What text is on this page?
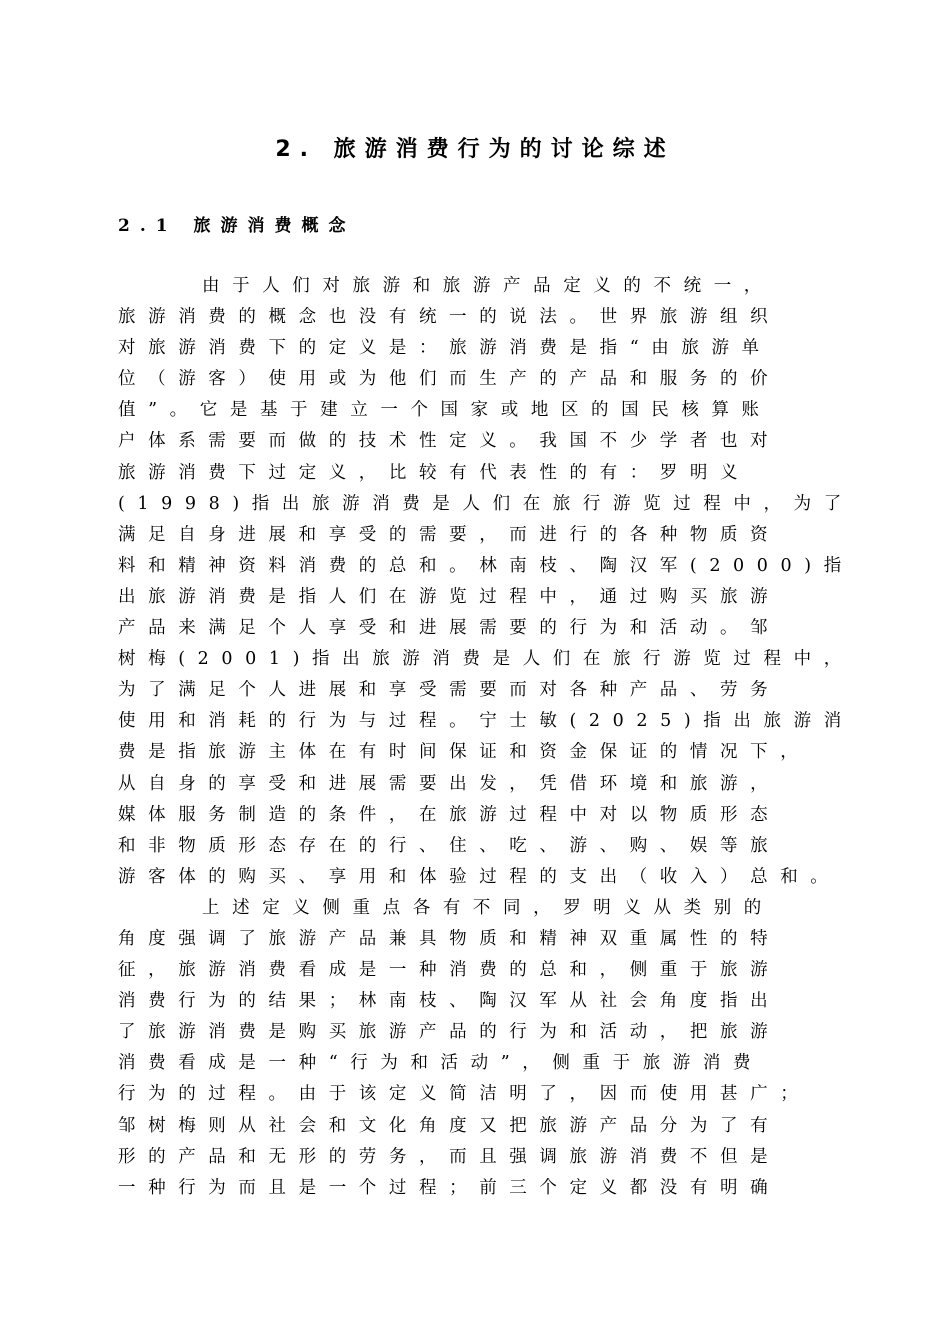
2. 旅游消费行为的讨论综述
2.1 旅游消费概念
由于人们对旅游和旅游产品定义的不统一，
旅游消费的概念也没有统一的说法。世界旅游组织
对旅游消费下的定义是：旅游消费是指“由旅游单
位（游客）使用或为他们而生产的产品和服务的价
值”。它是基于建立一个国家或地区的国民核算账
户体系需要而做的技术性定义。我国不少学者也对
旅游消费下过定义，比较有代表性的有：罗明义
(1998)指出旅游消费是人们在旅行游览过程中，为了
满足自身进展和享受的需要，而进行的各种物质资
料和精神资料消费的总和。林南枝、陶汉军(2000)指
出旅游消费是指人们在游览过程中，通过购买旅游
产品来满足个人享受和进展需要的行为和活动。邹
树梅(2001)指出旅游消费是人们在旅行游览过程中，
为了满足个人进展和享受需要而对各种产品、劳务
使用和消耗的行为与过程。宁士敏(2025)指出旅游消
费是指旅游主体在有时间保证和资金保证的情况下，
从自身的享受和进展需要出发，凭借环境和旅游，
媒体服务制造的条件，在旅游过程中对以物质形态
和非物质形态存在的行、住、吃、游、购、娱等旅
游客体的购买、享用和体验过程的支出（收入）总和。
上述定义侧重点各有不同，罗明义从类别的
角度强调了旅游产品兼具物质和精神双重属性的特
征，旅游消费看成是一种消费的总和，侧重于旅游
消费行为的结果；林南枝、陶汉军从社会角度指出
了旅游消费是购买旅游产品的行为和活动，把旅游
消费看成是一种“行为和活动”，侧重于旅游消费
行为的过程。由于该定义简洁明了，因而使用甚广；
邹树梅则从社会和文化角度又把旅游产品分为了有
形的产品和无形的劳务，而且强调旅游消费不但是
一种行为而且是一个过程；前三个定义都没有明确
